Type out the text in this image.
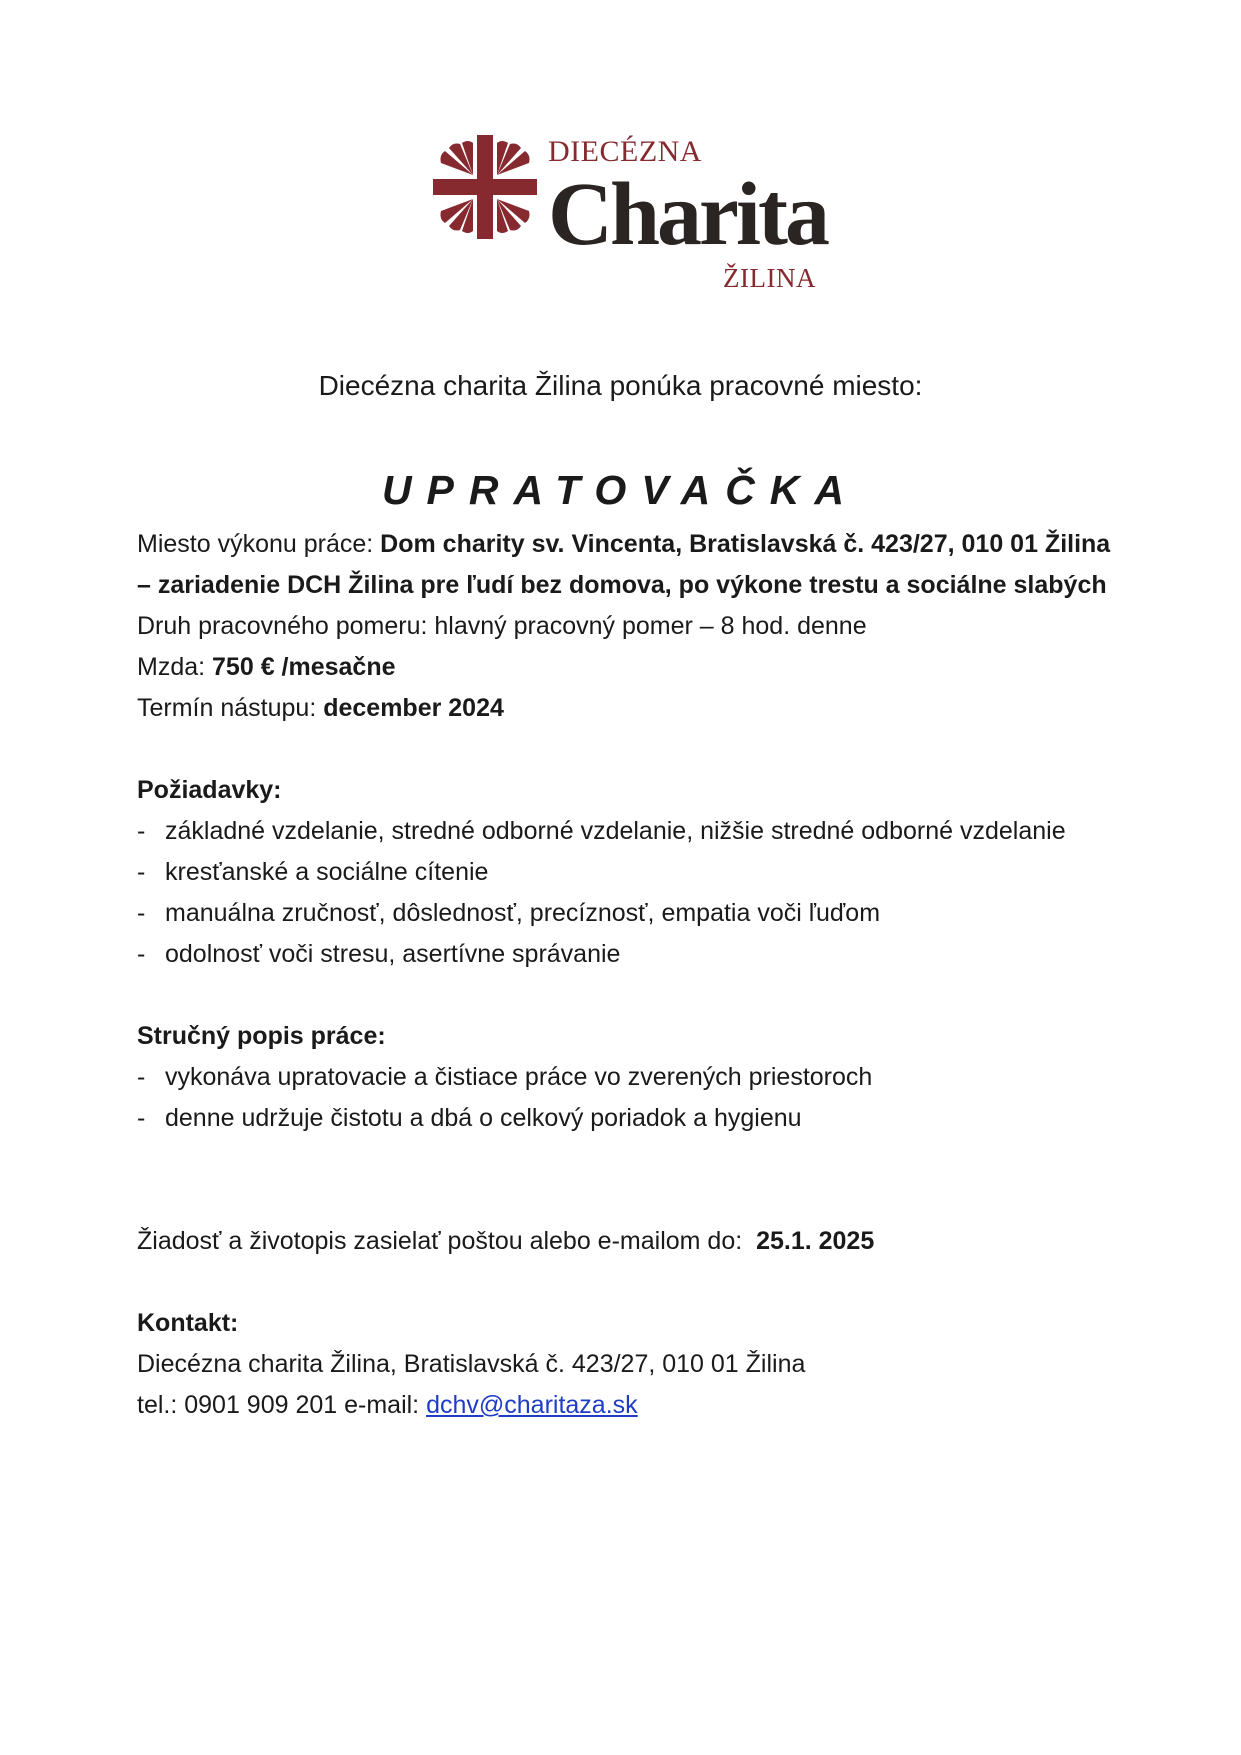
DIECÉZNA
Charita
ŽILINA
Diecézna charita Žilina ponúka pracovné miesto:
UPRATOVAČKA

Miesto výkonu práce: Dom charity sv. Vincenta, Bratislavská č. 423/27, 010 01 Žilina – zariadenie DCH Žilina pre ľudí bez domova, po výkone trestu a sociálne slabých

Druh pracovného pomeru: hlavný pracovný pomer – 8 hod. denne

Mzda: 750 € /mesačne

Termín nástupu: december 2024

Požiadavky:
- základné vzdelanie, stredné odborné vzdelanie, nižšie stredné odborné vzdelanie
- kresťanské a sociálne cítenie
- manuálna zručnosť, dôslednosť, precíznosť, empatia voči ľuďom
- odolnosť voči stresu, asertívne správanie
Stručný popis práce:
- vykonáva upratovacie a čistiace práce vo zverených priestoroch
- denne udržuje čistotu a dbá o celkový poriadok a hygienu

Žiadosť a životopis zasielať poštou alebo e-mailom do:  25.1. 2025

Kontakt:

Diecézna charita Žilina, Bratislavská č. 423/27, 010 01 Žilina

tel.: 0901 909 201 e-mail: dchv@charitaza.sk
